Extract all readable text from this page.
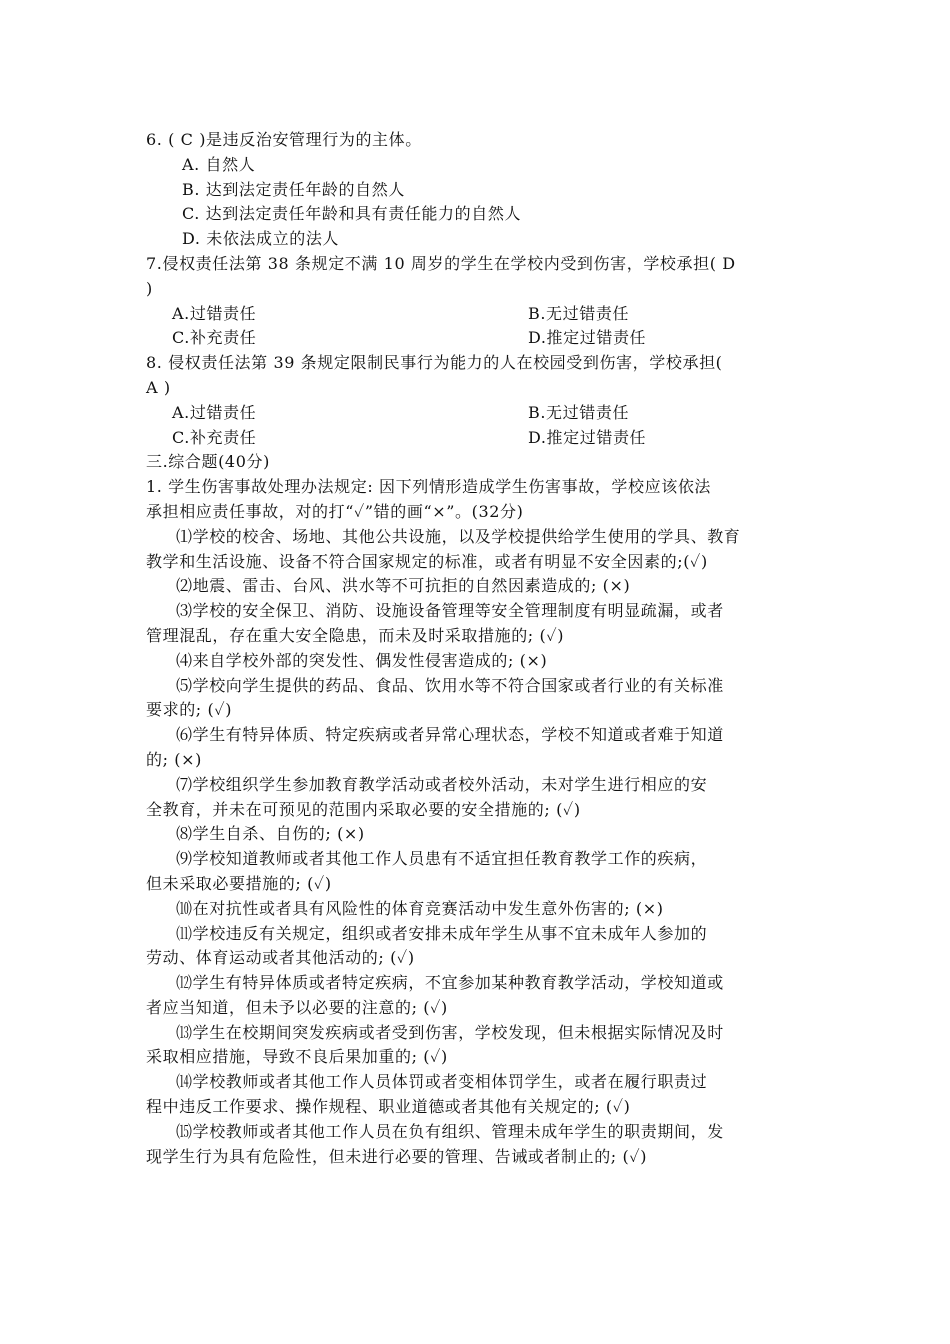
6. ( C )是违反治安管理行为的主体。
A. 自然人
B. 达到法定责任年龄的自然人
C. 达到法定责任年龄和具有责任能力的自然人
D. 未依法成立的法人
7.侵权责任法第 38 条规定不满 10 周岁的学生在学校内受到伤害，学校承担( D
)
A.过错责任	B.无过错责任
C.补充责任	D.推定过错责任
8. 侵权责任法第 39 条规定限制民事行为能力的人在校园受到伤害，学校承担(
A )
A.过错责任	B.无过错责任
C.补充责任	D.推定过错责任
三.综合题(40分)
1. 学生伤害事故处理办法规定: 因下列情形造成学生伤害事故，学校应该依法
承担相应责任事故，对的打“✓”错的画“×”。(32分)
⑴学校的校舍、场地、其他公共设施，以及学校提供给学生使用的学具、教育
教学和生活设施、设备不符合国家规定的标准，或者有明显不安全因素的;(✓)
⑵地震、雷击、台风、洪水等不可抗拒的自然因素造成的; (×)
⑶学校的安全保卫、消防、设施设备管理等安全管理制度有明显疏漏，或者
管理混乱，存在重大安全隐患，而未及时采取措施的; (✓)
⑷来自学校外部的突发性、偶发性侵害造成的; (×)
⑸学校向学生提供的药品、食品、饮用水等不符合国家或者行业的有关标准
要求的; (✓)
⑹学生有特异体质、特定疾病或者异常心理状态，学校不知道或者难于知道
的; (×)
⑺学校组织学生参加教育教学活动或者校外活动，未对学生进行相应的安
全教育，并未在可预见的范围内采取必要的安全措施的; (✓)
⑻学生自杀、自伤的; (×)
⑼学校知道教师或者其他工作人员患有不适宜担任教育教学工作的疾病，
但未采取必要措施的; (✓)
⑽在对抗性或者具有风险性的体育竞赛活动中发生意外伤害的; (×)
⑾学校违反有关规定，组织或者安排未成年学生从事不宜未成年人参加的
劳动、体育运动或者其他活动的; (✓)
⑿学生有特异体质或者特定疾病，不宜参加某种教育教学活动，学校知道或
者应当知道，但未予以必要的注意的; (✓)
⒀学生在校期间突发疾病或者受到伤害，学校发现，但未根据实际情况及时
采取相应措施，导致不良后果加重的; (✓)
⒁学校教师或者其他工作人员体罚或者变相体罚学生，或者在履行职责过
程中违反工作要求、操作规程、职业道德或者其他有关规定的; (✓)
⒂学校教师或者其他工作人员在负有组织、管理未成年学生的职责期间，发
现学生行为具有危险性，但未进行必要的管理、告诫或者制止的; (✓)
